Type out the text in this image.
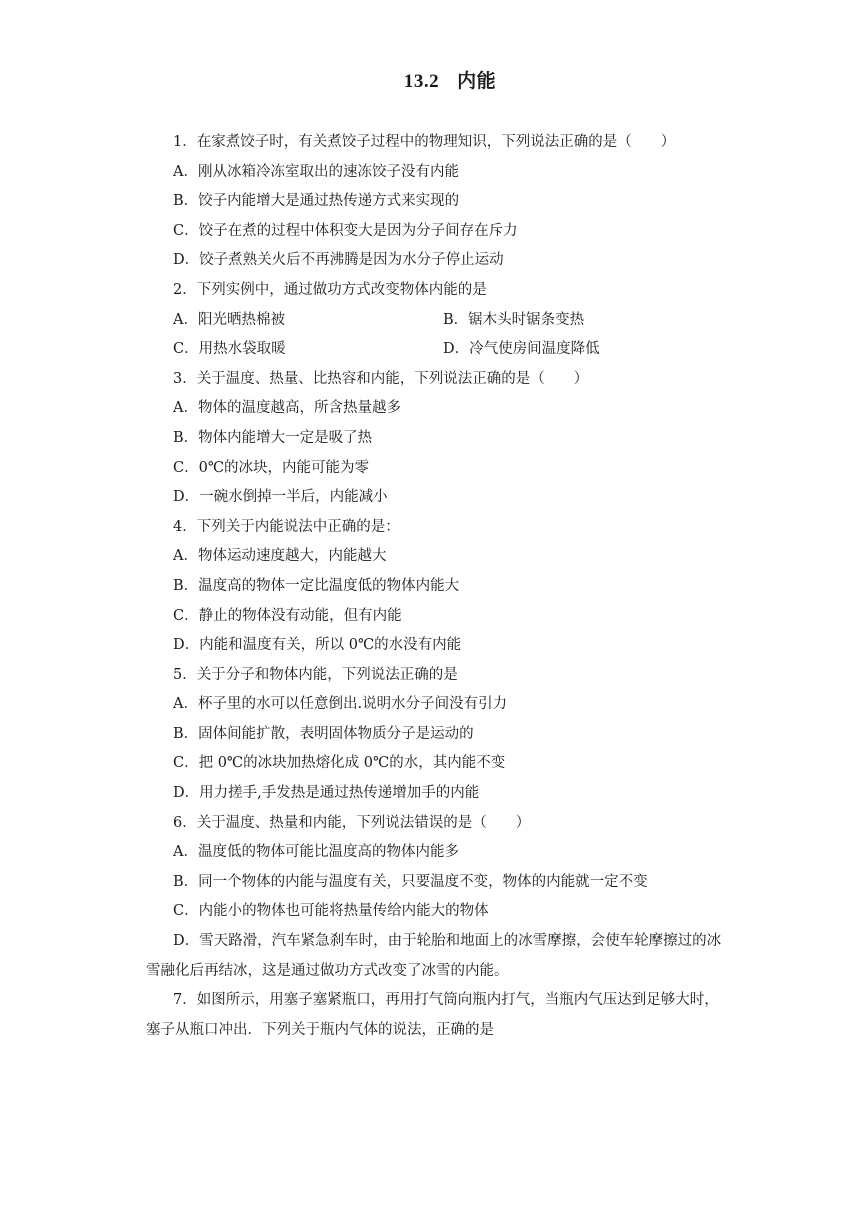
13.2 内能
1．在家煮饺子时，有关煮饺子过程中的物理知识，下列说法正确的是（　　）
A．刚从冰箱冷冻室取出的速冻饺子没有内能
B．饺子内能增大是通过热传递方式来实现的
C．饺子在煮的过程中体积变大是因为分子间存在斥力
D．饺子煮熟关火后不再沸腾是因为水分子停止运动
2．下列实例中，通过做功方式改变物体内能的是
A．阳光晒热棉被	B．锯木头时锯条变热
C．用热水袋取暖	D．冷气使房间温度降低
3．关于温度、热量、比热容和内能，下列说法正确的是（　　）
A．物体的温度越高，所含热量越多
B．物体内能增大一定是吸了热
C．0℃的冰块，内能可能为零
D．一碗水倒掉一半后，内能减小
4．下列关于内能说法中正确的是：
A．物体运动速度越大，内能越大
B．温度高的物体一定比温度低的物体内能大
C．静止的物体没有动能，但有内能
D．内能和温度有关，所以 0℃的水没有内能
5．关于分子和物体内能，下列说法正确的是
A．杯子里的水可以任意倒出.说明水分子间没有引力
B．固体间能扩散，表明固体物质分子是运动的
C．把 0℃的冰块加热熔化成 0℃的水，其内能不变
D．用力搓手,手发热是通过热传递增加手的内能
6．关于温度、热量和内能，下列说法错误的是（　　）
A．温度低的物体可能比温度高的物体内能多
B．同一个物体的内能与温度有关，只要温度不变，物体的内能就一定不变
C．内能小的物体也可能将热量传给内能大的物体
D．雪天路滑，汽车紧急刹车时，由于轮胎和地面上的冰雪摩擦，会使车轮摩擦过的冰雪融化后再结冰，这是通过做功方式改变了冰雪的内能。
7．如图所示，用塞子塞紧瓶口，再用打气筒向瓶内打气，当瓶内气压达到足够大时，塞子从瓶口冲出．下列关于瓶内气体的说法，正确的是
